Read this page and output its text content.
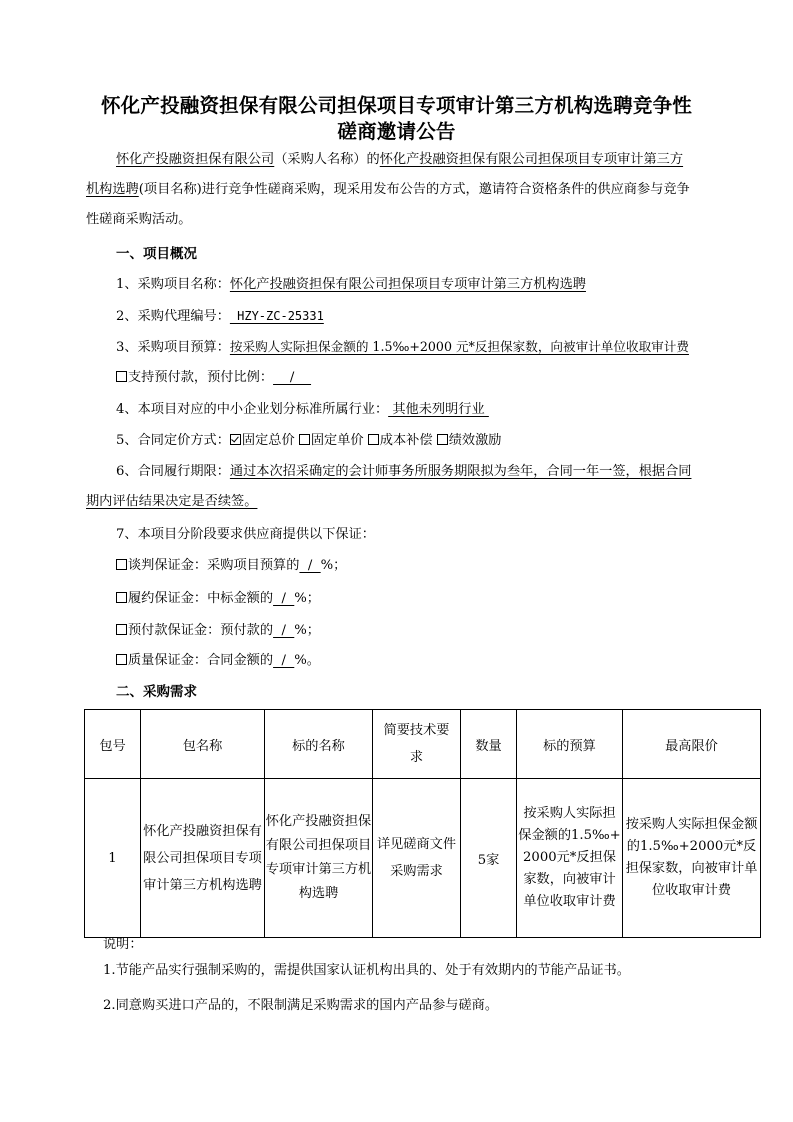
怀化产投融资担保有限公司担保项目专项审计第三方机构选聘竞争性
磋商邀请公告
怀化产投融资担保有限公司（采购人名称）的怀化产投融资担保有限公司担保项目专项审计第三方
机构选聘(项目名称)进行竞争性磋商采购，现采用发布公告的方式，邀请符合资格条件的供应商参与竞争
性磋商采购活动。
一、项目概况
1、采购项目名称：怀化产投融资担保有限公司担保项目专项审计第三方机构选聘
2、采购代理编号： HZY-ZC-25331
3、采购项目预算：按采购人实际担保金额的 1.5‰+2000 元*反担保家数，向被审计单位收取审计费
支持预付款，预付比例：    /
4、本项目对应的中小企业划分标准所属行业： 其他未列明行业
5、合同定价方式： 固定总价 固定单价 成本补偿 绩效激励
6、合同履行期限：通过本次招采确定的会计师事务所服务期限拟为叁年，合同一年一签，根据合同
期内评估结果决定是否续签。
7、本项目分阶段要求供应商提供以下保证：
谈判保证金：采购项目预算的  /  %；
履约保证金：中标金额的  /  %；
预付款保证金：预付款的  /  %；
质量保证金：合同金额的  /  %。
二、采购需求
包号	包名称	标的名称	简要技术要求	数量	标的预算	最高限价
1	怀化产投融资担保有限公司担保项目专项审计第三方机构选聘	怀化产投融资担保有限公司担保项目专项审计第三方机构选聘	详见磋商文件采购需求	5家	按采购人实际担保金额的1.5‰+2000元*反担保家数，向被审计单位收取审计费	按采购人实际担保金额的1.5‰+2000元*反担保家数，向被审计单位收取审计费
说明：
1.节能产品实行强制采购的，需提供国家认证机构出具的、处于有效期内的节能产品证书。
2.同意购买进口产品的，不限制满足采购需求的国内产品参与磋商。
